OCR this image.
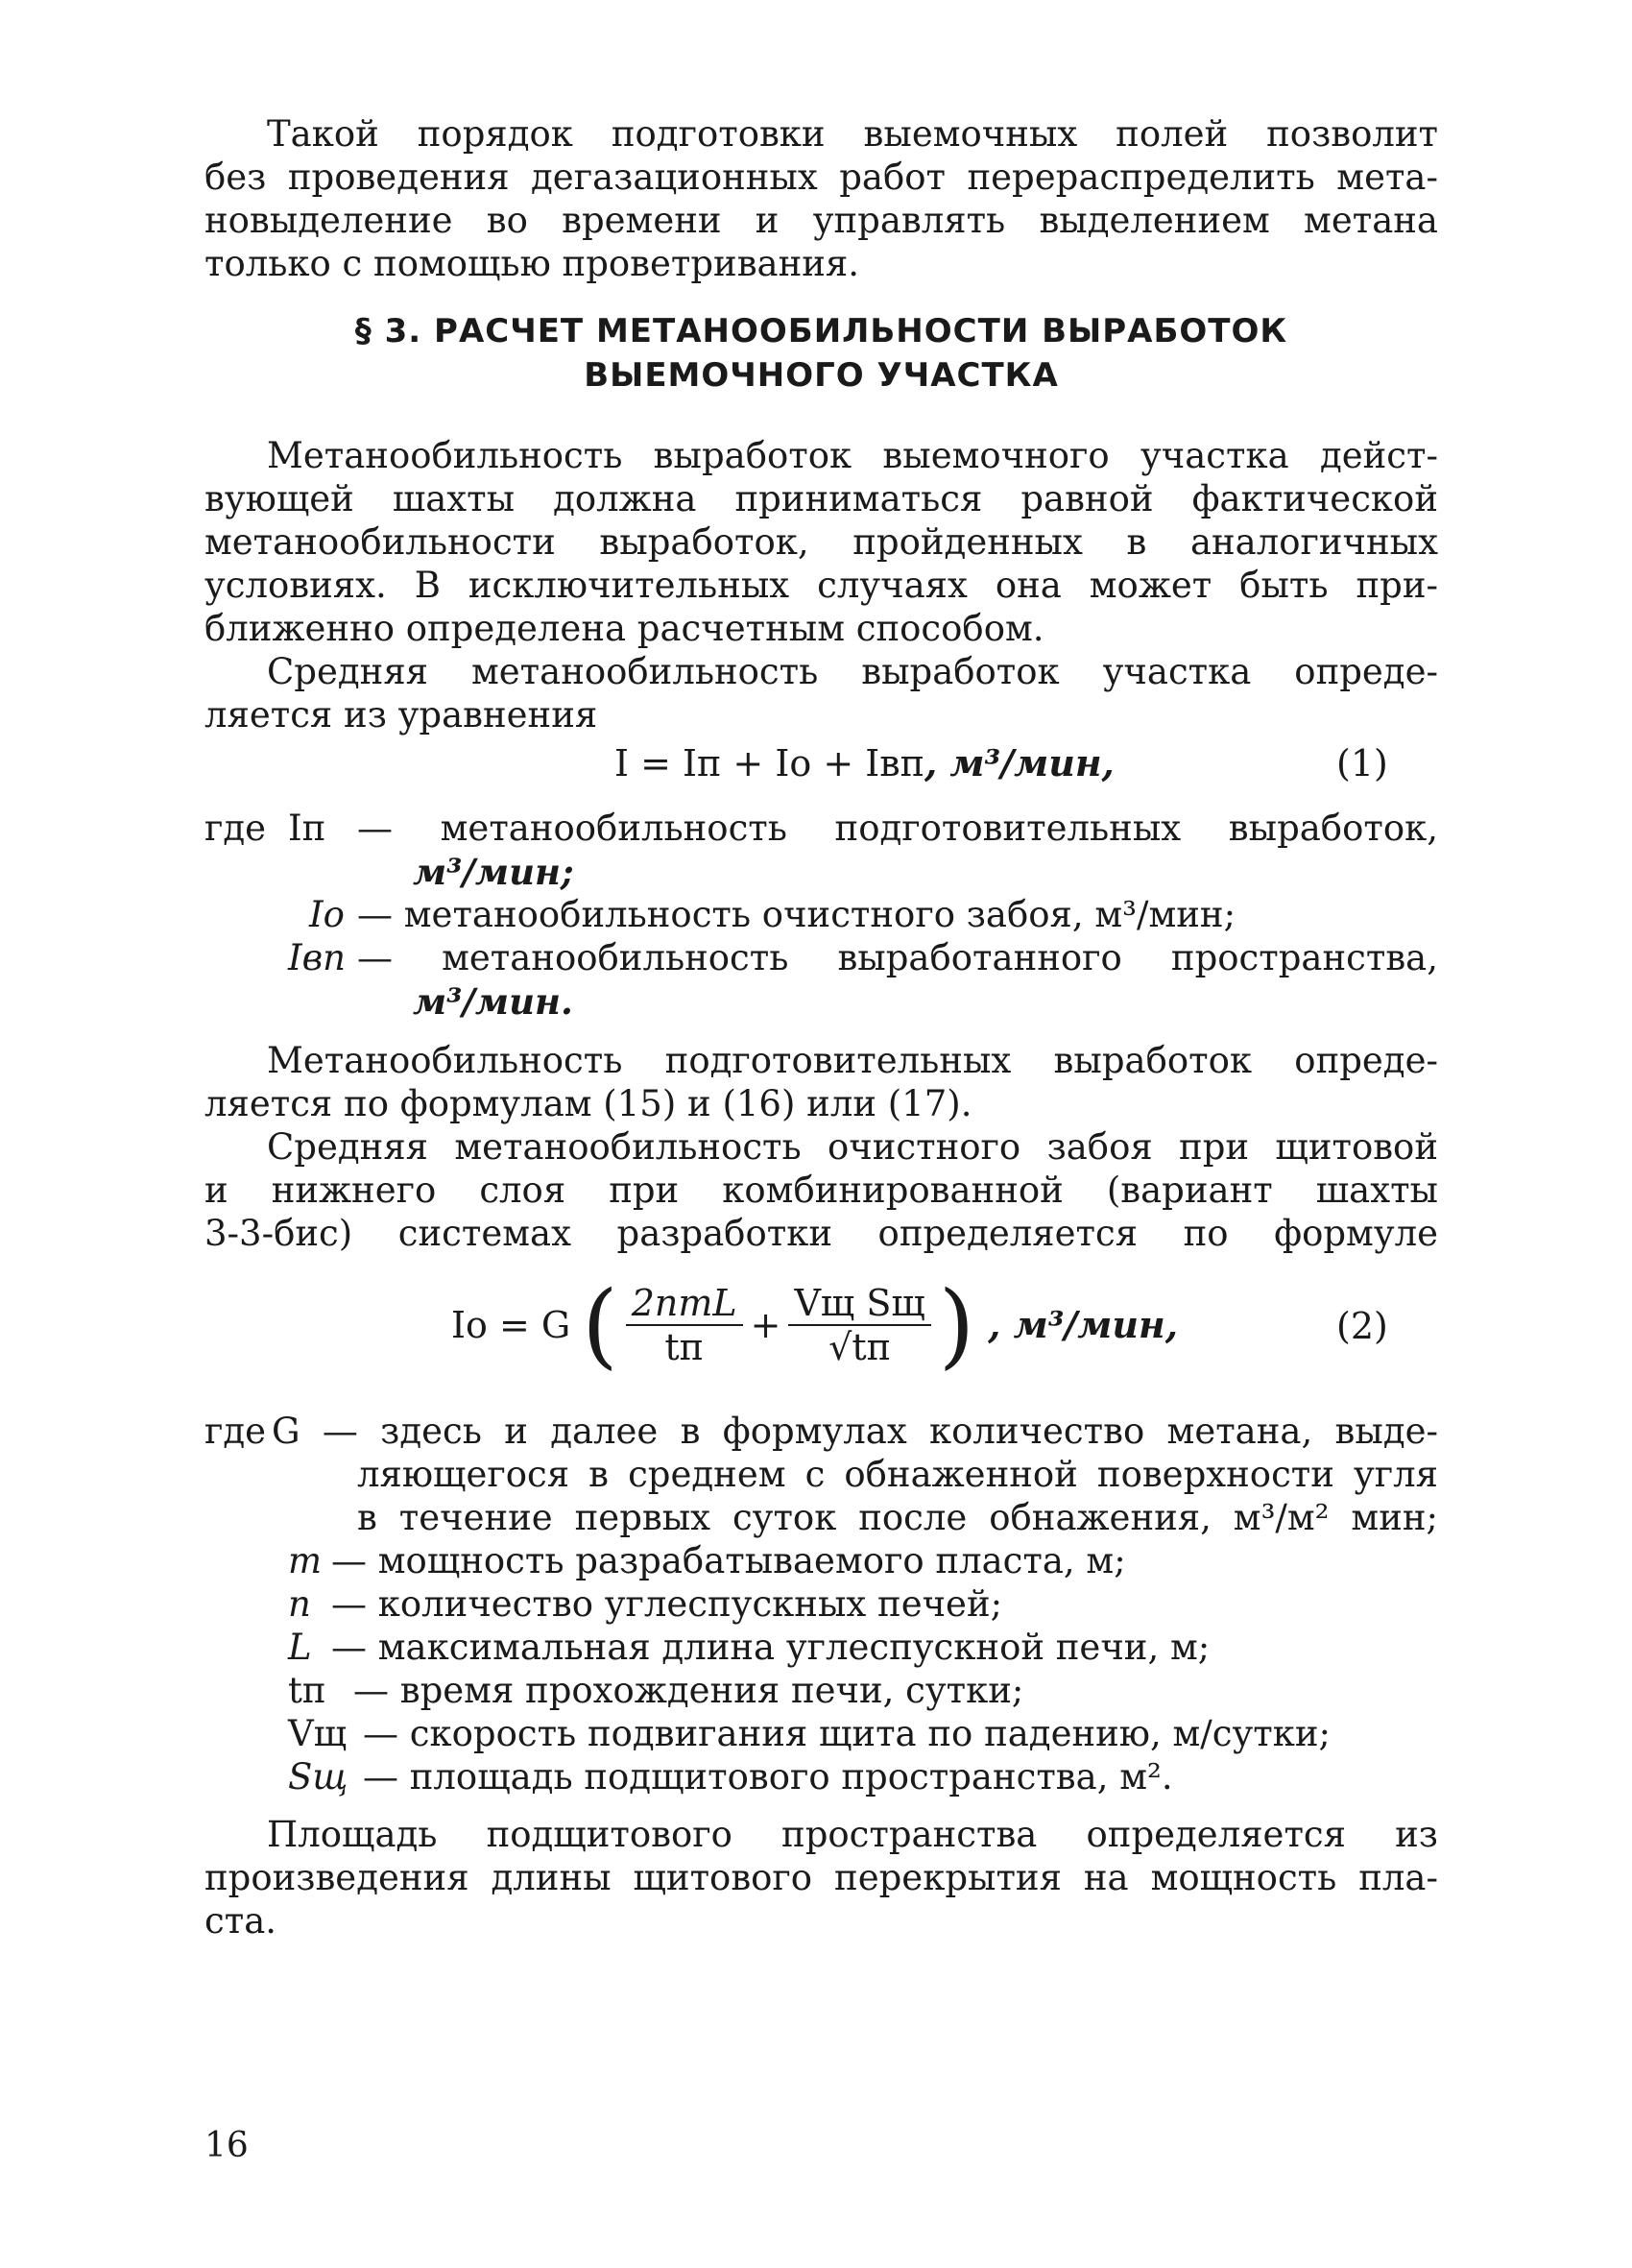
Такой порядок подготовки выемочных полей позволит
без проведения дегазационных работ перераспределить мета-
новыделение во времени и управлять выделением метана
только с помощью проветривания.
§ 3. РАСЧЕТ МЕТАНООБИЛЬНОСТИ ВЫРАБОТОК
ВЫЕМОЧНОГО УЧАСТКА
Метанообильность выработок выемочного участка дейст-
вующей шахты должна приниматься равной фактической
метанообильности выработок, пройденных в аналогичных
условиях. В исключительных случаях она может быть при-
ближенно определена расчетным способом.
Средняя метанообильность выработок участка опреде-
ляется из уравнения
I = Iп + Iо + Iвп, м³/мин,	(1)
где Iп — метанообильность подготовительных выработок,
м³/мин;
Iо — метанообильность очистного забоя, м³/мин;
Iвп — метанообильность выработанного пространства,
м³/мин.
Метанообильность подготовительных выработок опреде-
ляется по формулам (15) и (16) или (17).
Средняя метанообильность очистного забоя при щитовой
и нижнего слоя при комбинированной (вариант шахты
3-3-бис) системах разработки определяется по формуле
Iо = G ( $\frac{\text{2nmL}}{tп} + \frac{\text{Vщ Sщ}}{√tп}$ ) , м³/мин,	(2)
где G — здесь и далее в формулах количество метана, выде-
ляющегося в среднем с обнаженной поверхности угля
в течение первых суток после обнажения, м³/м² мин;
m — мощность разрабатываемого пласта, м;
n — количество углеспускных печей;
L — максимальная длина углеспускной печи, м;
tп — время прохождения печи, сутки;
Vщ — скорость подвигания щита по падению, м/сутки;
Sщ — площадь подщитового пространства, м².
Площадь подщитового пространства определяется из
произведения длины щитового перекрытия на мощность пла-
ста.
16
